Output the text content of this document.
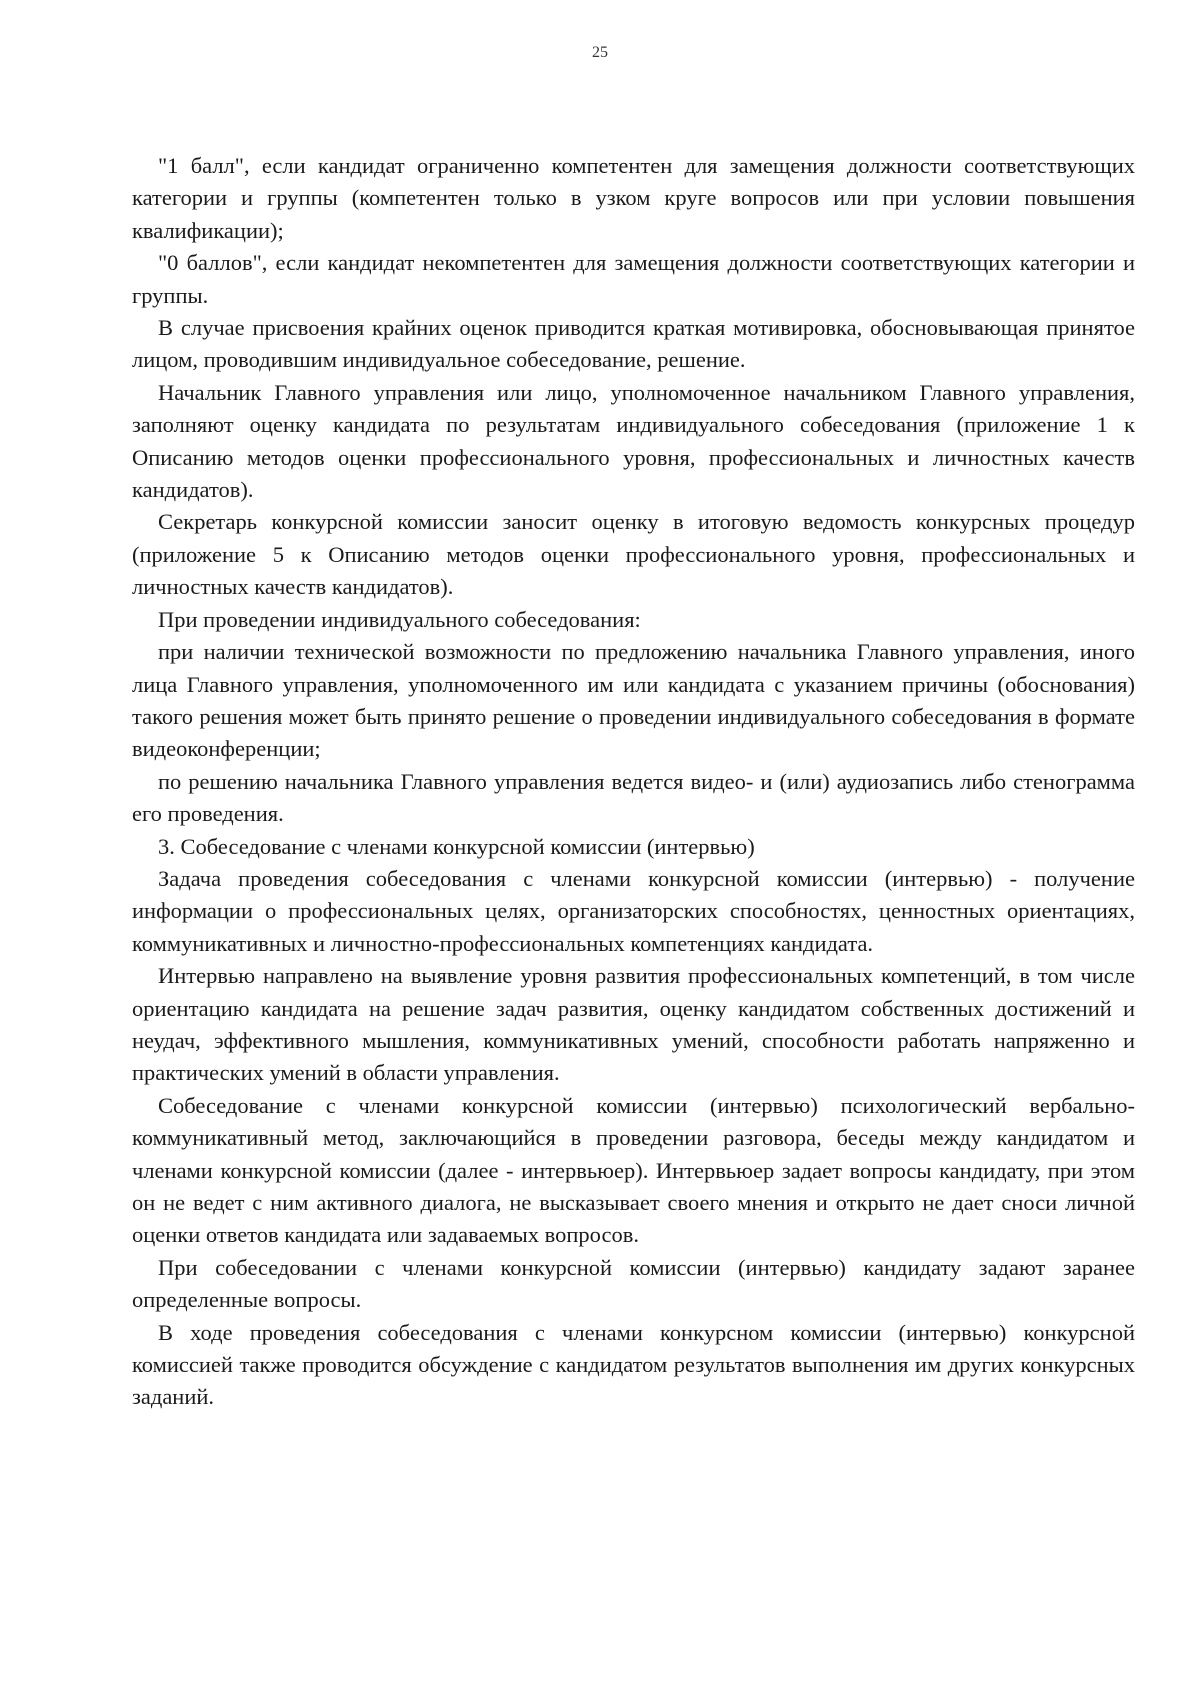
25

"1 балл", если кандидат ограниченно компетентен для замещения должности соответствующих категории и группы (компетентен только в узком круге вопросов или при условии повышения квалификации);

"0 баллов", если кандидат некомпетентен для замещения должности соответствующих категории и группы.

В случае присвоения крайних оценок приводится краткая мотивировка, обосновывающая принятое лицом, проводившим индивидуальное собеседование, решение.

Начальник Главного управления или лицо, уполномоченное начальником Главного управления, заполняют оценку кандидата по результатам индивидуального собеседования (приложение 1 к Описанию методов оценки профессионального уровня, профессиональных и личностных качеств кандидатов).

Секретарь конкурсной комиссии заносит оценку в итоговую ведомость конкурсных процедур (приложение 5 к Описанию методов оценки профессионального уровня, профессиональных и личностных качеств кандидатов).

При проведении индивидуального собеседования:

при наличии технической возможности по предложению начальника Главного управления, иного лица Главного управления, уполномоченного им или кандидата с указанием причины (обоснования) такого решения может быть принято решение о проведении индивидуального собеседования в формате видеоконференции;

по решению начальника Главного управления ведется видео- и (или) аудиозапись либо стенограмма его проведения.

3. Собеседование с членами конкурсной комиссии (интервью)

Задача проведения собеседования с членами конкурсной комиссии (интервью) - получение информации о профессиональных целях, организаторских способностях, ценностных ориентациях, коммуникативных и личностно-профессиональных компетенциях кандидата.

Интервью направлено на выявление уровня развития профессиональных компетенций, в том числе ориентацию кандидата на решение задач развития, оценку кандидатом собственных достижений и неудач, эффективного мышления, коммуникативных умений, способности работать напряженно и практических умений в области управления.

Собеседование с членами конкурсной комиссии (интервью) психологический вербально-коммуникативный метод, заключающийся в проведении разговора, беседы между кандидатом и членами конкурсной комиссии (далее - интервьюер). Интервьюер задает вопросы кандидату, при этом он не ведет с ним активного диалога, не высказывает своего мнения и открыто не дает сноси личной оценки ответов кандидата или задаваемых вопросов.

При собеседовании с членами конкурсной комиссии (интервью) кандидату задают заранее определенные вопросы.

В ходе проведения собеседования с членами конкурсном комиссии (интервью) конкурсной комиссией также проводится обсуждение с кандидатом результатов выполнения им других конкурсных заданий.
